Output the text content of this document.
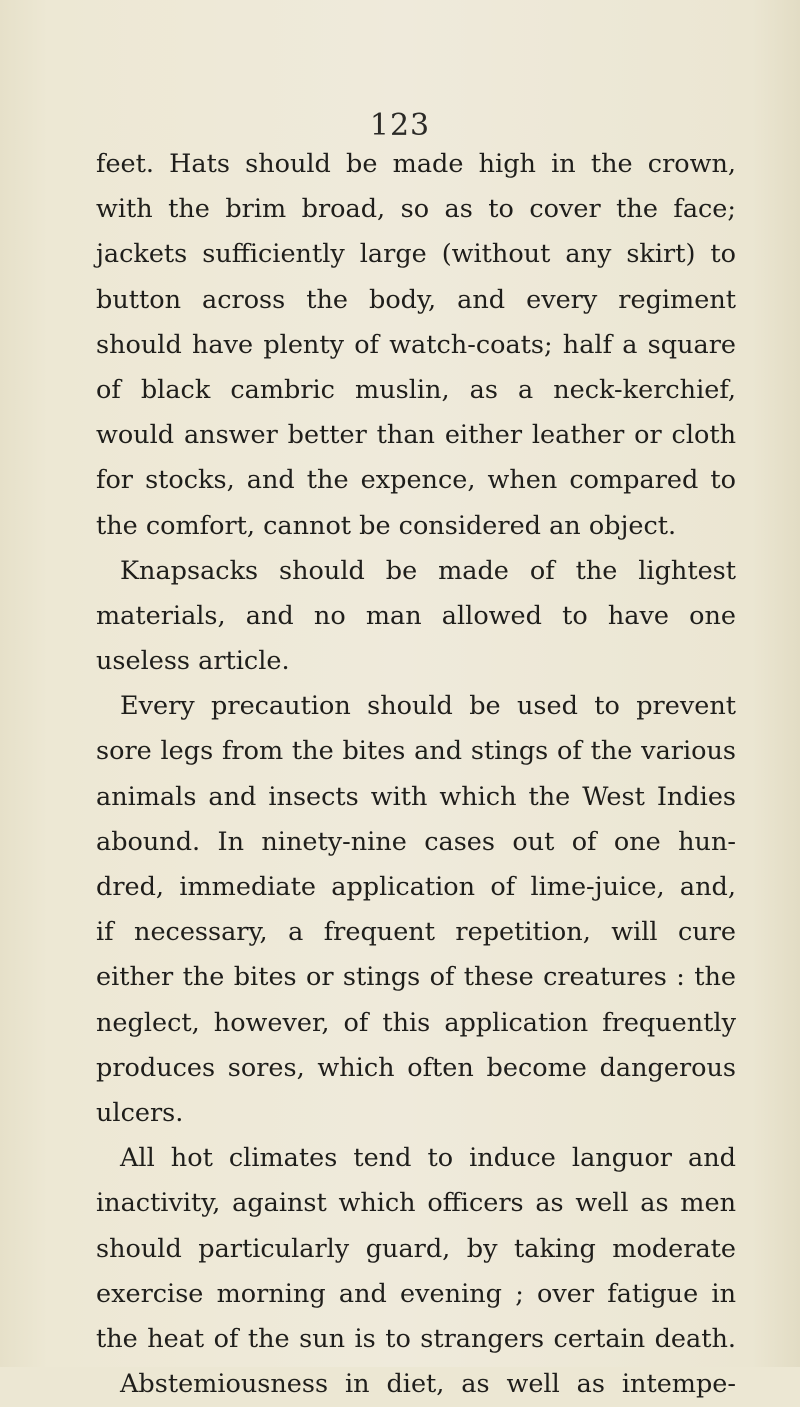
123
feet. Hats should be made high in the crown,
with the brim broad, so as to cover the face;
jackets sufficiently large (without any skirt) to
button across the body, and every regiment
should have plenty of watch-coats; half a square
of black cambric muslin, as a neck-kerchief,
would answer better than either leather or cloth
for stocks, and the expence, when compared to
the comfort, cannot be considered an object.
Knapsacks should be made of the lightest
materials, and no man allowed to have one
useless article.
Every precaution should be used to prevent
sore legs from the bites and stings of the various
animals and insects with which the West Indies
abound. In ninety-nine cases out of one hun-
dred, immediate application of lime-juice, and,
if necessary, a frequent repetition, will cure
either the bites or stings of these creatures : the
neglect, however, of this application frequently
produces sores, which often become dangerous
ulcers.
All hot climates tend to induce languor and
inactivity, against which officers as well as men
should particularly guard, by taking moderate
exercise morning and evening ; over fatigue in
the heat of the sun is to strangers certain death.
Abstemiousness in diet, as well as intempe-
